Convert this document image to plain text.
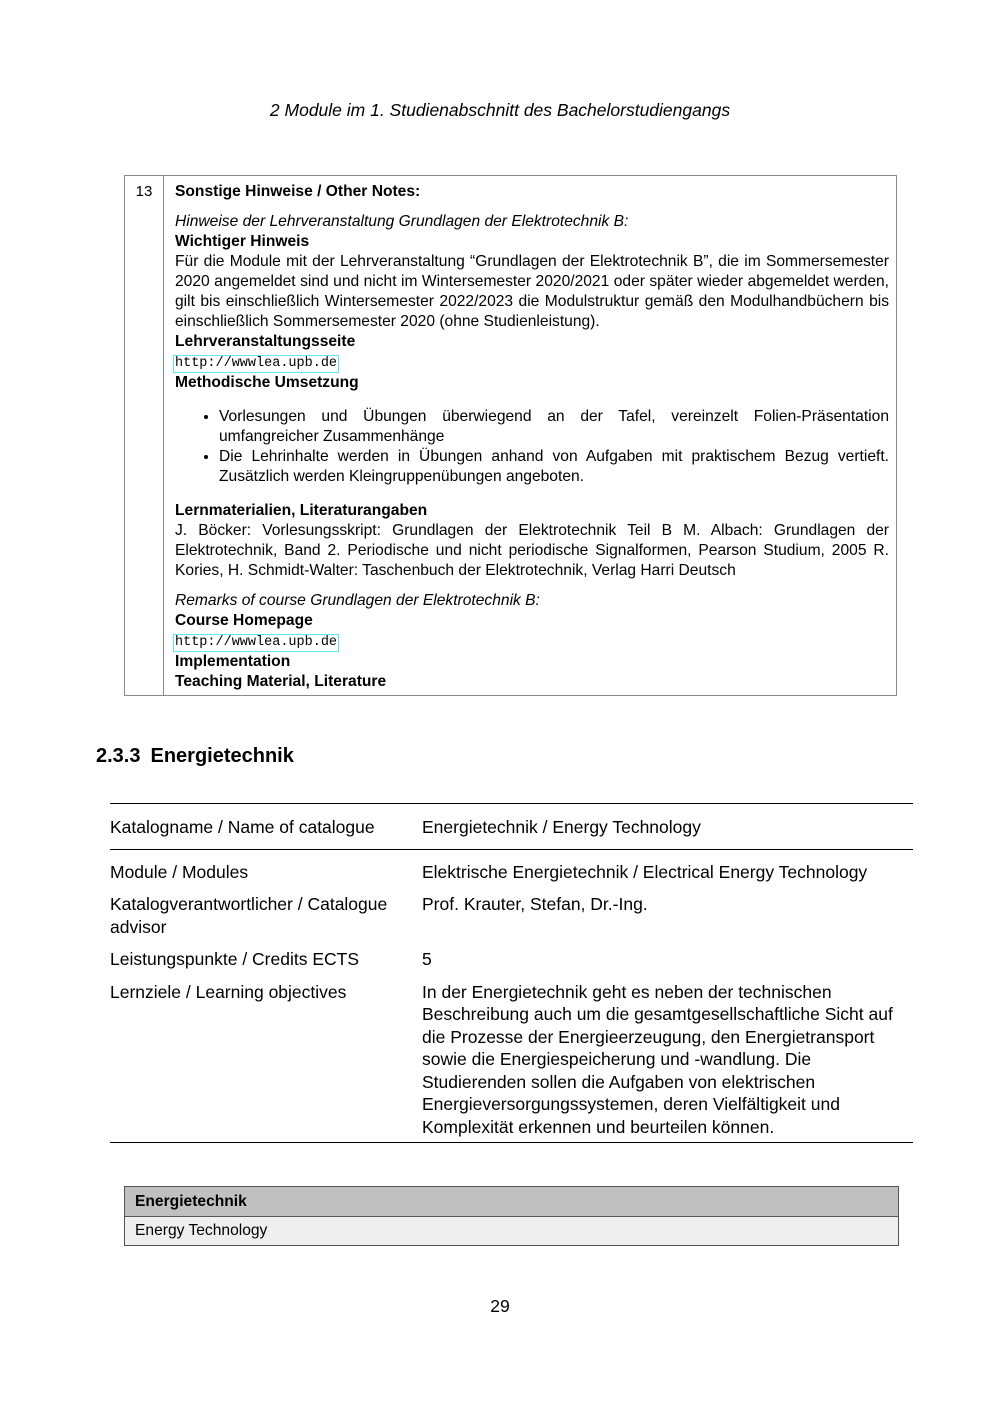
2 Module im 1. Studienabschnitt des Bachelorstudiengangs
13	Sonstige Hinweise / Other Notes:
Hinweise der Lehrveranstaltung Grundlagen der Elektrotechnik B:
Wichtiger Hinweis
Für die Module mit der Lehrveranstaltung “Grundlagen der Elektrotechnik B”, die im Sommersemester 2020 angemeldet sind und nicht im Wintersemester 2020/2021 oder später wieder abgemeldet werden, gilt bis einschließlich Wintersemester 2022/2023 die Modulstruktur gemäß den Modulhandbüchern bis einschließlich Sommersemester 2020 (ohne Studienleistung).
Lehrveranstaltungsseite
http://wwwlea.upb.de
Methodische Umsetzung
• Vorlesungen und Übungen überwiegend an der Tafel, vereinzelt Folien-Präsentation umfangreicher Zusammenhänge
• Die Lehrinhalte werden in Übungen anhand von Aufgaben mit praktischem Bezug vertieft. Zusätzlich werden Kleingruppenübungen angeboten.
Lernmaterialien, Literaturangaben
J. Böcker: Vorlesungsskript: Grundlagen der Elektrotechnik Teil B M. Albach: Grundlagen der Elektrotechnik, Band 2. Periodische und nicht periodische Signalformen, Pearson Studium, 2005 R. Kories, H. Schmidt-Walter: Taschenbuch der Elektrotechnik, Verlag Harri Deutsch
Remarks of course Grundlagen der Elektrotechnik B:
Course Homepage
http://wwwlea.upb.de
Implementation
Teaching Material, Literature
2.3.3 Energietechnik
Katalogname / Name of catalogue	Energietechnik / Energy Technology
Module / Modules	Elektrische Energietechnik / Electrical Energy Technology
Katalogverantwortlicher / Catalogue advisor	Prof. Krauter, Stefan, Dr.-Ing.
Leistungspunkte / Credits ECTS	5
Lernziele / Learning objectives	In der Energietechnik geht es neben der technischen Beschreibung auch um die gesamtgesellschaftliche Sicht auf die Prozesse der Energieerzeugung, den Energietransport sowie die Energiespeicherung und -wandlung. Die Studierenden sollen die Aufgaben von elektrischen Energieversorgungssystemen, deren Vielfältigkeit und Komplexität erkennen und beurteilen können.
Energietechnik
Energy Technology
29
